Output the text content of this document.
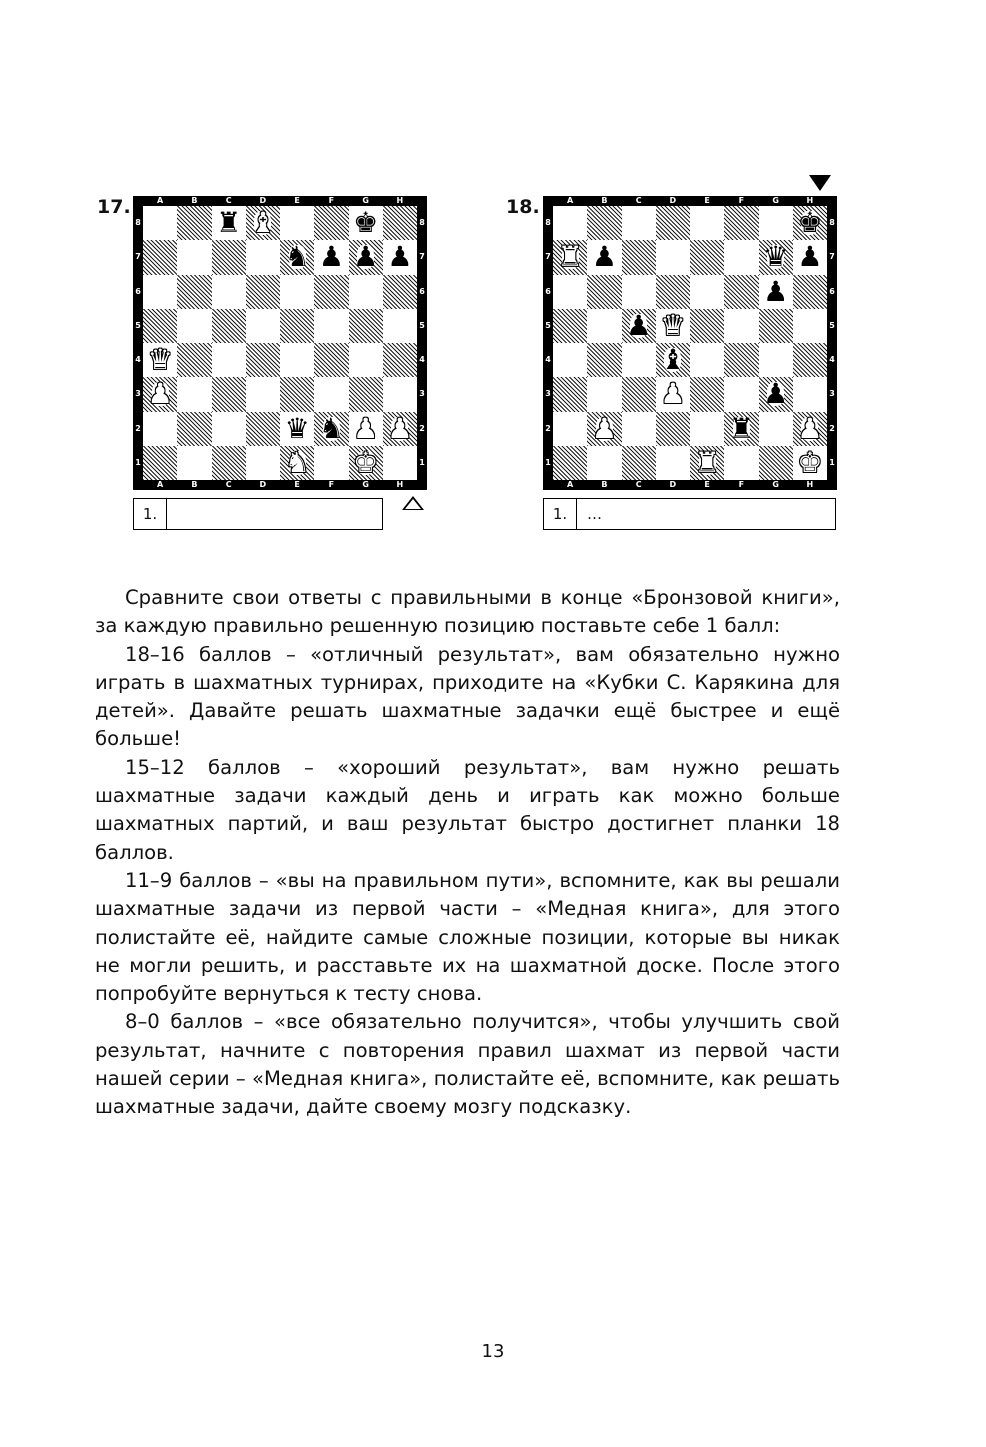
17.	A
A
B
B
C
C
D
D
E
E
F
F
G
G
H
H
8	8
7	7
6	6
5	5
4	4
3	3
2	2
1	1
♜ ♝	♚
♞ ♟ ♟ ♟
♛
♟
♛ ♞ ♟ ♟
♞ ♚
1.
18.	A
A
B
B
C
C
D
D
E
E
F
F
G
G
H
H
8	8
7	7
6	6
5	5
4	4
3	3
2	2
1	1
♚
♜ ♟	♛ ♟
♟
♟ ♛
♝
♟	♟
♟	♜ ♟
♜	♚
1.	…

Сравните свои ответы с правильными в конце «Бронзовой книги», за каждую правильно решенную позицию поставьте себе 1 балл:

18–16 баллов – «отличный результат», вам обязательно нужно играть в шахматных турнирах, приходите на «Кубки С. Карякина для детей». Давайте решать шахматные задачки ещё быстрее и ещё больше!

15–12 баллов – «хороший результат», вам нужно решать шахматные задачи каждый день и играть как можно больше шахматных партий, и ваш результат быстро достигнет планки 18 баллов.

11–9 баллов – «вы на правильном пути», вспомните, как вы решали шахматные задачи из первой части – «Медная книга», для этого полистайте её, найдите самые сложные позиции, которые вы никак не могли решить, и расставьте их на шахматной доске. После этого попробуйте вернуться к тесту снова.

8–0 баллов – «все обязательно получится», чтобы улучшить свой результат, начните с повторения правил шахмат из первой части нашей серии – «Медная книга», полистайте её, вспомните, как решать шахматные задачи, дайте своему мозгу подсказку.

13
